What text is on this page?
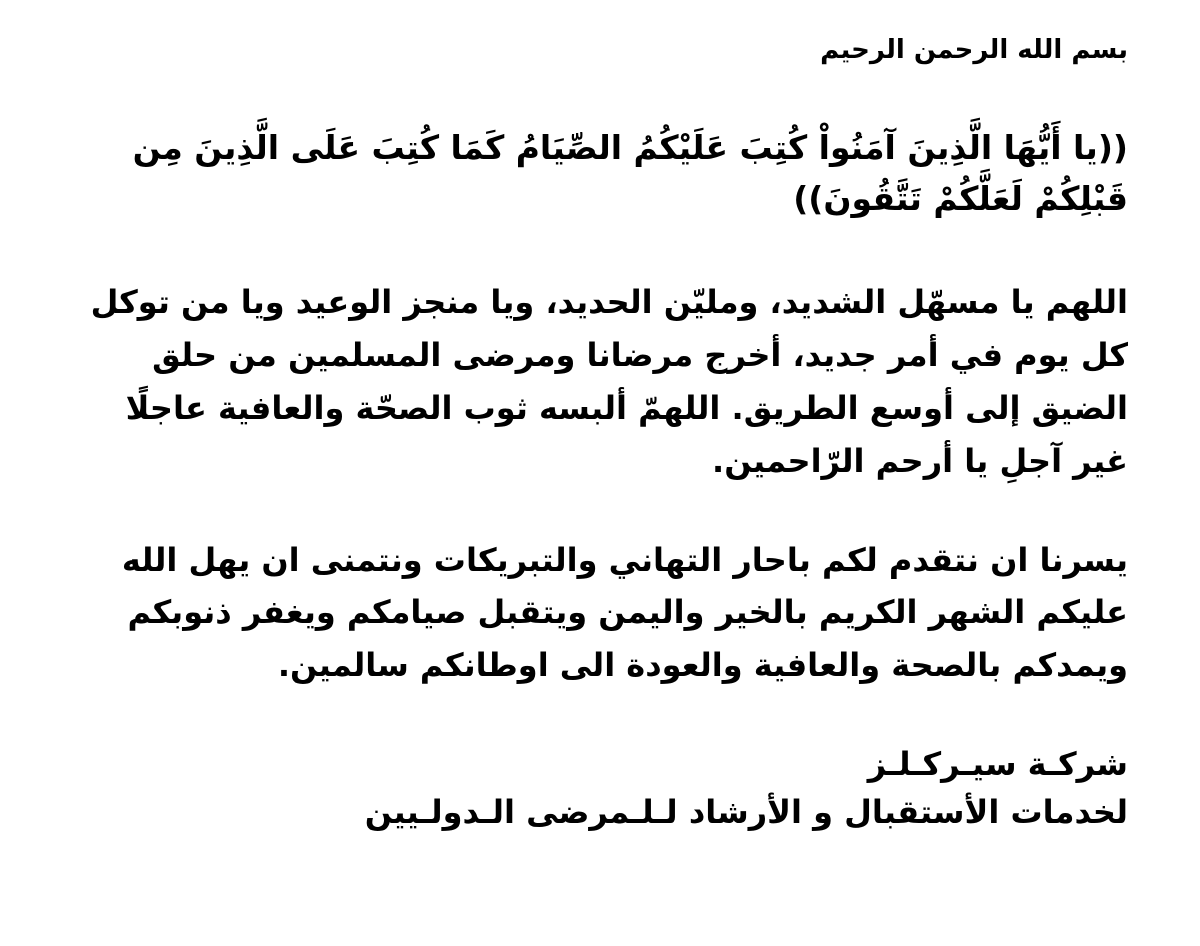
بسم الله الرحمن الرحيم

((يا أَيُّهَا الَّذِينَ آمَنُواْ كُتِبَ عَلَيْكُمُ الصِّيَامُ كَمَا كُتِبَ عَلَى الَّذِينَ مِن قَبْلِكُمْ لَعَلَّكُمْ تَتَّقُونَ))

اللهم يا مسهّل الشديد، ومليّن الحديد، ويا منجز الوعيد ويا من توكل كل يوم في أمر جديد، أخرج مرضانا ومرضى المسلمين من حلق الضيق إلى أوسع الطريق. اللهمّ ألبسه ثوب الصحّة والعافية عاجلًا غير آجلِ يا أرحم الرّاحمين.

يسرنا ان نتقدم لكم باحار التهاني والتبريكات ونتمنى ان يهل الله عليكم الشهر الكريم بالخير واليمن ويتقبل صيامكم ويغفر ذنوبكم ويمدكم بالصحة والعافية والعودة الى اوطانكم سالمين.

شركـة سيـركـلـز
لخدمات الأستقبال و الأرشاد لـلـمرضى الـدولـيين
